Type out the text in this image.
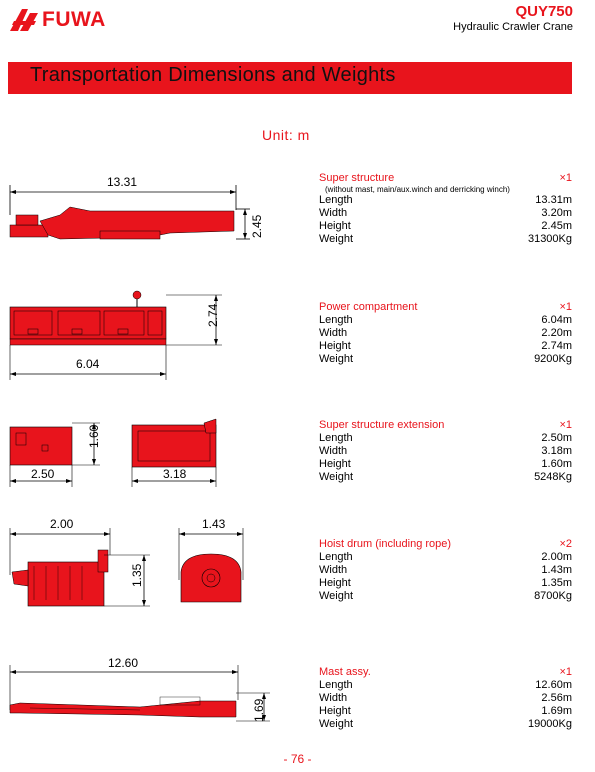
FUWA	QUY750
Hydraulic Crawler Crane
Transportation Dimensions and Weights
Unit: m
13.31
2.45
2.74
6.04
1.60
2.50	3.18
2.00
1.35
1.43
12.60
1.69
Super structure	×1
(without mast, main/aux.winch and derricking winch)
Length	13.31m
Width	3.20m
Height	2.45m
Weight	31300Kg
Power compartment	×1
Length	6.04m
Width	2.20m
Height	2.74m
Weight	9200Kg
Super structure extension	×1
Length	2.50m
Width	3.18m
Height	1.60m
Weight	5248Kg
Hoist drum (including rope)	×2
Length	2.00m
Width	1.43m
Height	1.35m
Weight	8700Kg
Mast assy.	×1
Length	12.60m
Width	2.56m
Height	1.69m
Weight	19000Kg
- 76 -
